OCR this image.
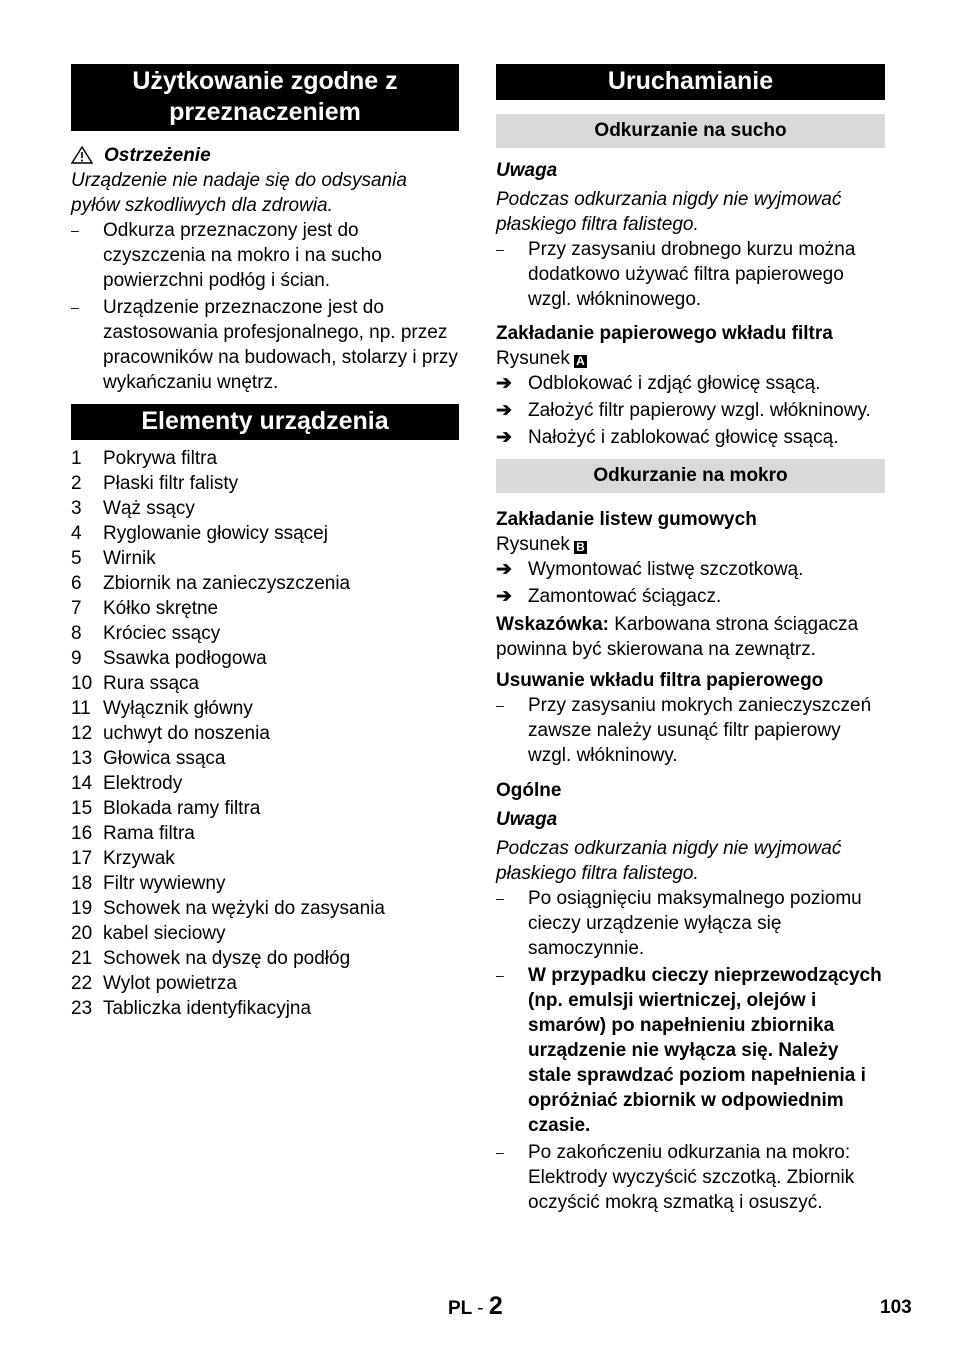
Użytkowanie zgodne z przeznaczeniem
Ostrzeżenie
Urządzenie nie nadaje się do odsysania pyłów szkodliwych dla zdrowia.
–	Odkurza przeznaczony jest do czyszczenia na mokro i na sucho powierzchni podłóg i ścian.
–	Urządzenie przeznaczone jest do zastosowania profesjonalnego, np. przez pracowników na budowach, stolarzy i przy wykańczaniu wnętrz.
Elementy urządzenia
1	Pokrywa filtra
2	Płaski filtr falisty
3	Wąż ssący
4	Ryglowanie głowicy ssącej
5	Wirnik
6	Zbiornik na zanieczyszczenia
7	Kółko skrętne
8	Króciec ssący
9	Ssawka podłogowa
10 Rura ssąca
11 Wyłącznik główny
12 uchwyt do noszenia
13 Głowica ssąca
14 Elektrody
15 Blokada ramy filtra
16 Rama filtra
17 Krzywak
18 Filtr wywiewny
19 Schowek na wężyki do zasysania
20 kabel sieciowy
21 Schowek na dyszę do podłóg
22 Wylot powietrza
23 Tabliczka identyfikacyjna
Uruchamianie
Odkurzanie na sucho
Uwaga
Podczas odkurzania nigdy nie wyjmować płaskiego filtra falistego.
–	Przy zasysaniu drobnego kurzu można dodatkowo używać filtra papierowego wzgl. włókninowego.
Zakładanie papierowego wkładu filtra
Rysunek A
➔ Odblokować i zdjąć głowicę ssącą.
➔ Założyć filtr papierowy wzgl. włókninowy.
➔ Nałożyć i zablokować głowicę ssącą.
Odkurzanie na mokro
Zakładanie listew gumowych
Rysunek B
➔ Wymontować listwę szczotkową.
➔ Zamontować ściągacz.
Wskazówka: Karbowana strona ściągacza powinna być skierowana na zewnątrz.
Usuwanie wkładu filtra papierowego
–	Przy zasysaniu mokrych zanieczyszczeń zawsze należy usunąć filtr papierowy wzgl. włókninowy.
Ogólne
Uwaga
Podczas odkurzania nigdy nie wyjmować płaskiego filtra falistego.
–	Po osiągnięciu maksymalnego poziomu cieczy urządzenie wyłącza się samoczynnie.
–	W przypadku cieczy nieprzewodzących (np. emulsji wiertniczej, olejów i smarów) po napełnieniu zbiornika urządzenie nie wyłącza się. Należy stale sprawdzać poziom napełnienia i opróżniać zbiornik w odpowiednim czasie.
–	Po zakończeniu odkurzania na mokro: Elektrody wyczyścić szczotką. Zbiornik oczyścić mokrą szmatką i osuszyć.
PL - 2	103
